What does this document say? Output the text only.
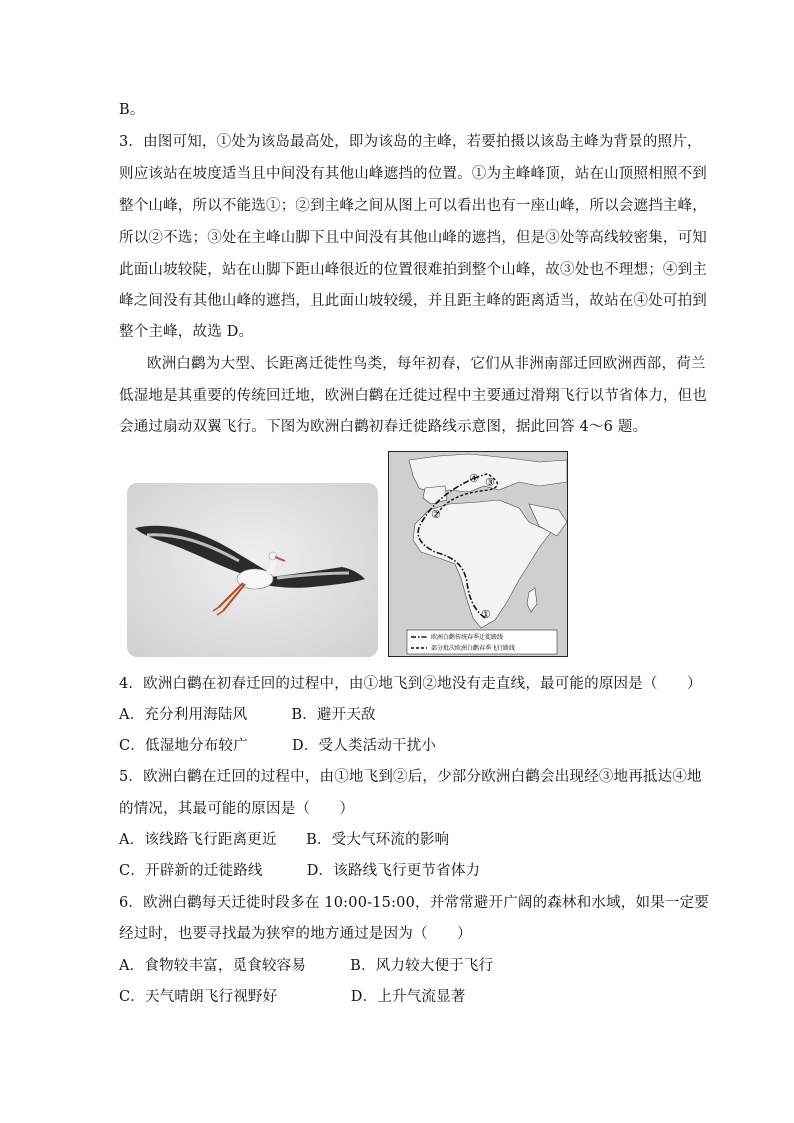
B。
3．由图可知，①处为该岛最高处，即为该岛的主峰，若要拍摄以该岛主峰为背景的照片，
则应该站在坡度适当且中间没有其他山峰遮挡的位置。①为主峰峰顶，站在山顶照相照不到
整个山峰，所以不能选①；②到主峰之间从图上可以看出也有一座山峰，所以会遮挡主峰，
所以②不选；③处在主峰山脚下且中间没有其他山峰的遮挡，但是③处等高线较密集，可知
此面山坡较陡，站在山脚下距山峰很近的位置很难拍到整个山峰，故③处也不理想；④到主
峰之间没有其他山峰的遮挡，且此面山坡较缓，并且距主峰的距离适当，故站在④处可拍到
整个主峰，故选 D。
欧洲白鹳为大型、长距离迁徙性鸟类，每年初春，它们从非洲南部迁回欧洲西部，荷兰
低湿地是其重要的传统回迁地，欧洲白鹳在迁徙过程中主要通过滑翔飞行以节省体力，但也
会通过扇动双翼飞行。下图为欧洲白鹳初春迁徙路线示意图，据此回答 4～6 题。
①
②
③
④
欧洲白鹳传统春季迁徙路线
部分批次欧洲白鹳春季飞行路线
4．欧洲白鹳在初春迁回的过程中，由①地飞到②地没有走直线，最可能的原因是（　　）
A．充分利用海陆风　　　B．避开天敌
C．低湿地分布较广　　　D．受人类活动干扰小
5．欧洲白鹳在迁回的过程中，由①地飞到②后，少部分欧洲白鹳会出现经③地再抵达④地
的情况，其最可能的原因是（　　）
A．该线路飞行距离更近　　B．受大气环流的影响
C．开辟新的迁徙路线　　　D．该路线飞行更节省体力
6．欧洲白鹳每天迁徙时段多在 10:00-15:00，并常常避开广阔的森林和水域，如果一定要
经过时，也要寻找最为狭窄的地方通过是因为（　　）
A．食物较丰富，觅食较容易　　　B．风力较大便于飞行
C．天气晴朗飞行视野好　　　　　D．上升气流显著
